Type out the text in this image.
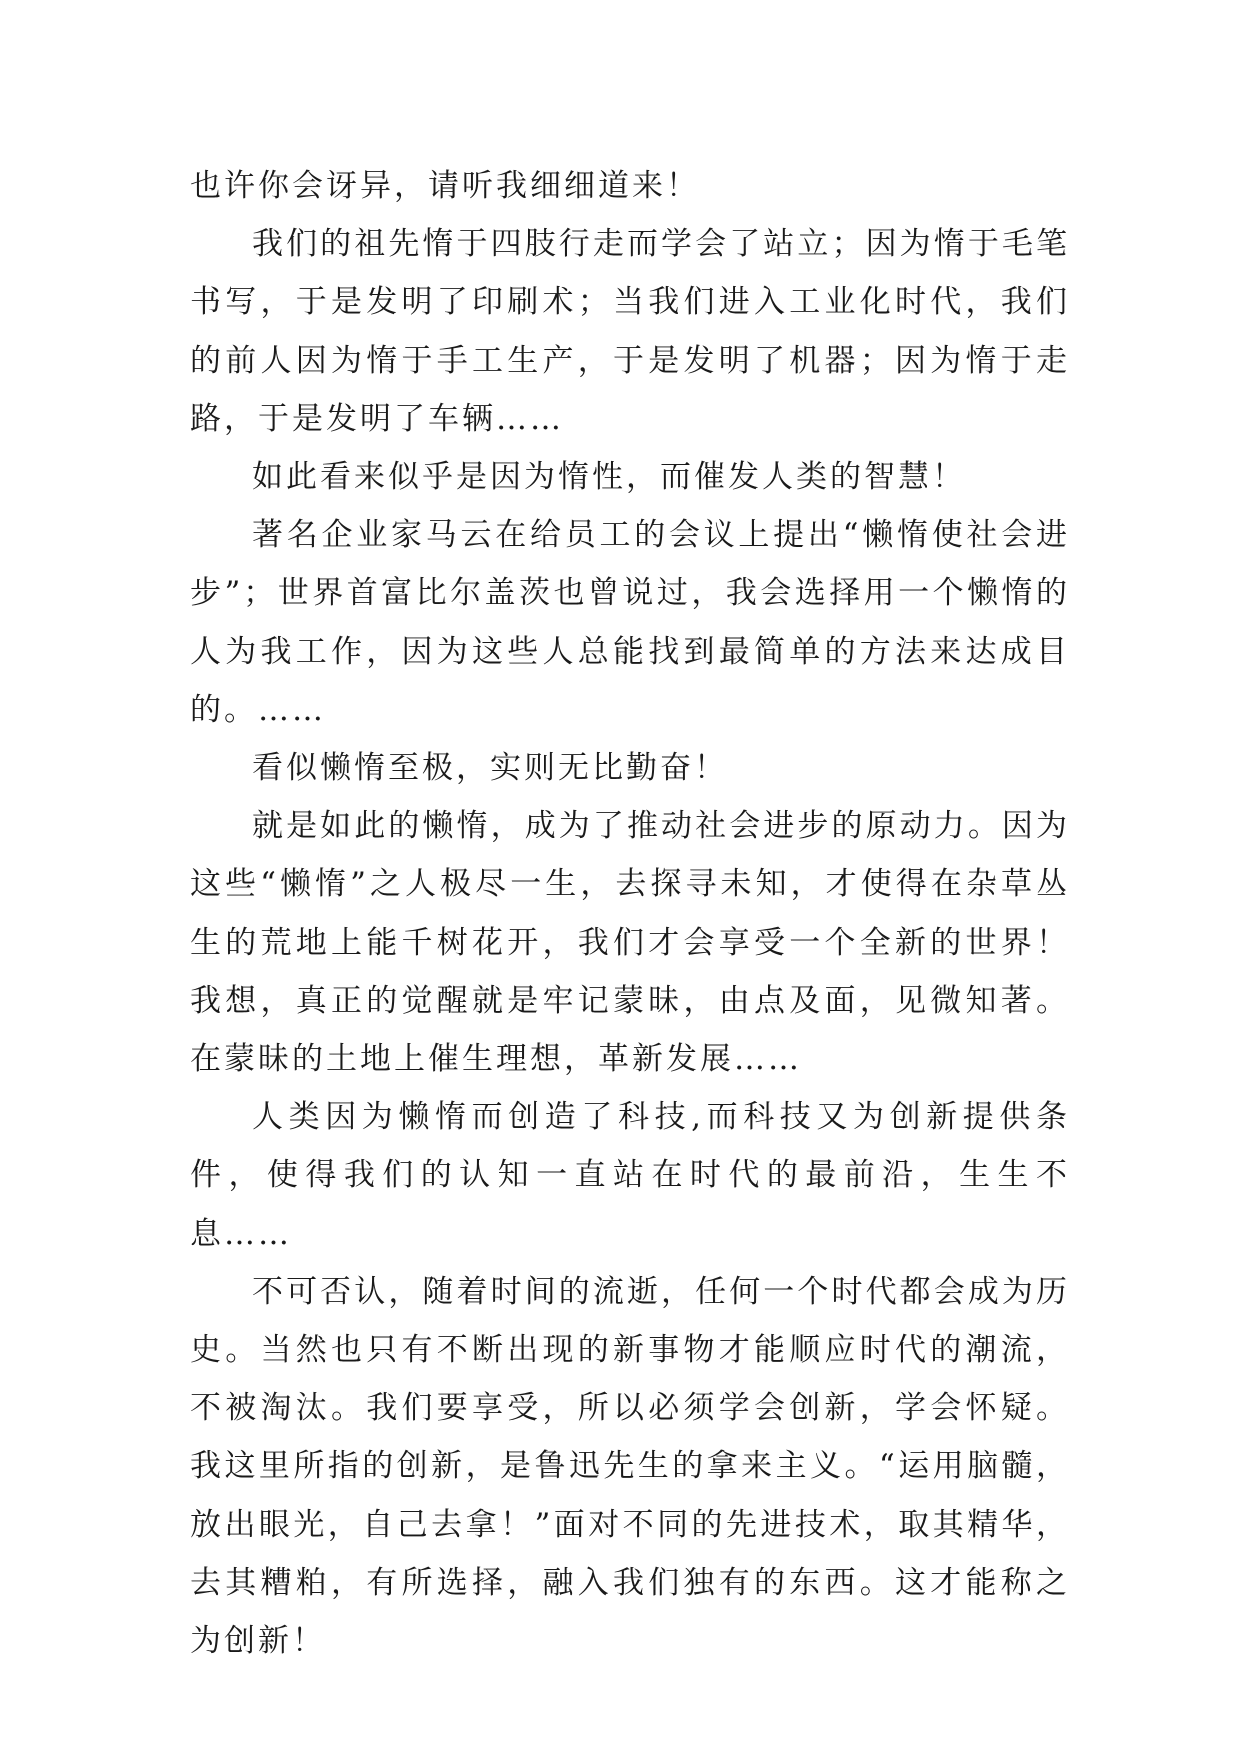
也许你会讶异，请听我细细道来！

我们的祖先惰于四肢行走而学会了站立；因为惰于毛笔书写，于是发明了印刷术；当我们进入工业化时代，我们的前人因为惰于手工生产，于是发明了机器；因为惰于走路，于是发明了车辆……

如此看来似乎是因为惰性，而催发人类的智慧！

著名企业家马云在给员工的会议上提出“懒惰使社会进步”；世界首富比尔盖茨也曾说过，我会选择用一个懒惰的人为我工作，因为这些人总能找到最简单的方法来达成目的。……

看似懒惰至极，实则无比勤奋！

就是如此的懒惰，成为了推动社会进步的原动力。因为这些“懒惰”之人极尽一生，去探寻未知，才使得在杂草丛生的荒地上能千树花开，我们才会享受一个全新的世界！我想，真正的觉醒就是牢记蒙昧，由点及面，见微知著。在蒙昧的土地上催生理想，革新发展……

人类因为懒惰而创造了科技,而科技又为创新提供条件，使得我们的认知一直站在时代的最前沿，生生不息……

不可否认，随着时间的流逝，任何一个时代都会成为历史。当然也只有不断出现的新事物才能顺应时代的潮流，不被淘汰。我们要享受，所以必须学会创新，学会怀疑。我这里所指的创新，是鲁迅先生的拿来主义。“运用脑髓，放出眼光，自己去拿！”面对不同的先进技术，取其精华，去其糟粕，有所选择，融入我们独有的东西。这才能称之为创新！
